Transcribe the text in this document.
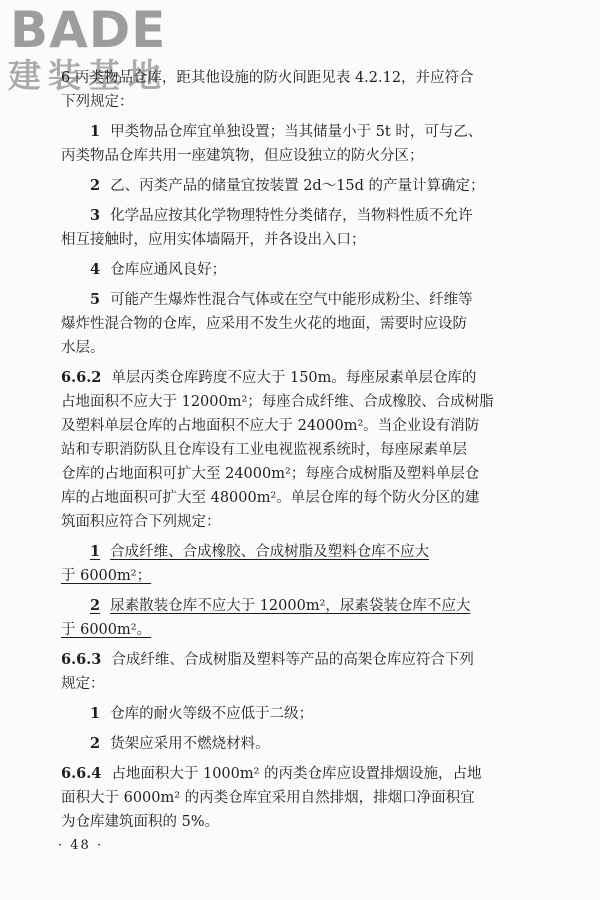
BADE
建装基地
6 丙类物品仓库，距其他设施的防火间距见表 4.2.12，并应符合
下列规定：
1 甲类物品仓库宜单独设置；当其储量小于 5t 时，可与乙、
丙类物品仓库共用一座建筑物，但应设独立的防火分区；
2 乙、丙类产品的储量宜按装置 2d～15d 的产量计算确定；
3 化学品应按其化学物理特性分类储存，当物料性质不允许
相互接触时，应用实体墙隔开，并各设出入口；
4 仓库应通风良好；
5 可能产生爆炸性混合气体或在空气中能形成粉尘、纤维等
爆炸性混合物的仓库，应采用不发生火花的地面，需要时应设防
水层。
6.6.2 单层丙类仓库跨度不应大于 150m。每座尿素单层仓库的
占地面积不应大于 12000m²；每座合成纤维、合成橡胶、合成树脂
及塑料单层仓库的占地面积不应大于 24000m²。当企业设有消防
站和专职消防队且仓库设有工业电视监视系统时，每座尿素单层
仓库的占地面积可扩大至 24000m²；每座合成树脂及塑料单层仓
库的占地面积可扩大至 48000m²。单层仓库的每个防火分区的建
筑面积应符合下列规定：
1 合成纤维、合成橡胶、合成树脂及塑料仓库不应大
于 6000m²；
2 尿素散装仓库不应大于 12000m²，尿素袋装仓库不应大
于 6000m²。
6.6.3 合成纤维、合成树脂及塑料等产品的高架仓库应符合下列
规定：
1 仓库的耐火等级不应低于二级；
2 货架应采用不燃烧材料。
6.6.4 占地面积大于 1000m² 的丙类仓库应设置排烟设施，占地
面积大于 6000m² 的丙类仓库宜采用自然排烟，排烟口净面积宜
为仓库建筑面积的 5%。
· 48 ·
